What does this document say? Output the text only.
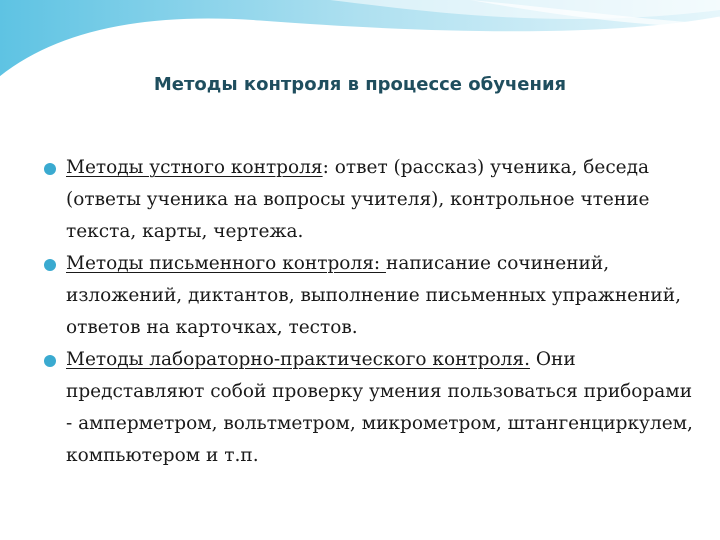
Методы контроля в процессе обучения
Методы устного контроля: ответ (рассказ) ученика, беседа (ответы ученика на вопросы учителя), контрольное чтение текста, карты, чертежа.
Методы письменного контроля: написание сочинений, изложений, диктантов, выполнение письменных упражнений, ответов на карточках, тестов.
Методы лабораторно-практического контроля. Они представляют собой проверку умения пользоваться приборами - амперметром, вольтметром, микрометром, штангенциркулем, компьютером и т.п.
